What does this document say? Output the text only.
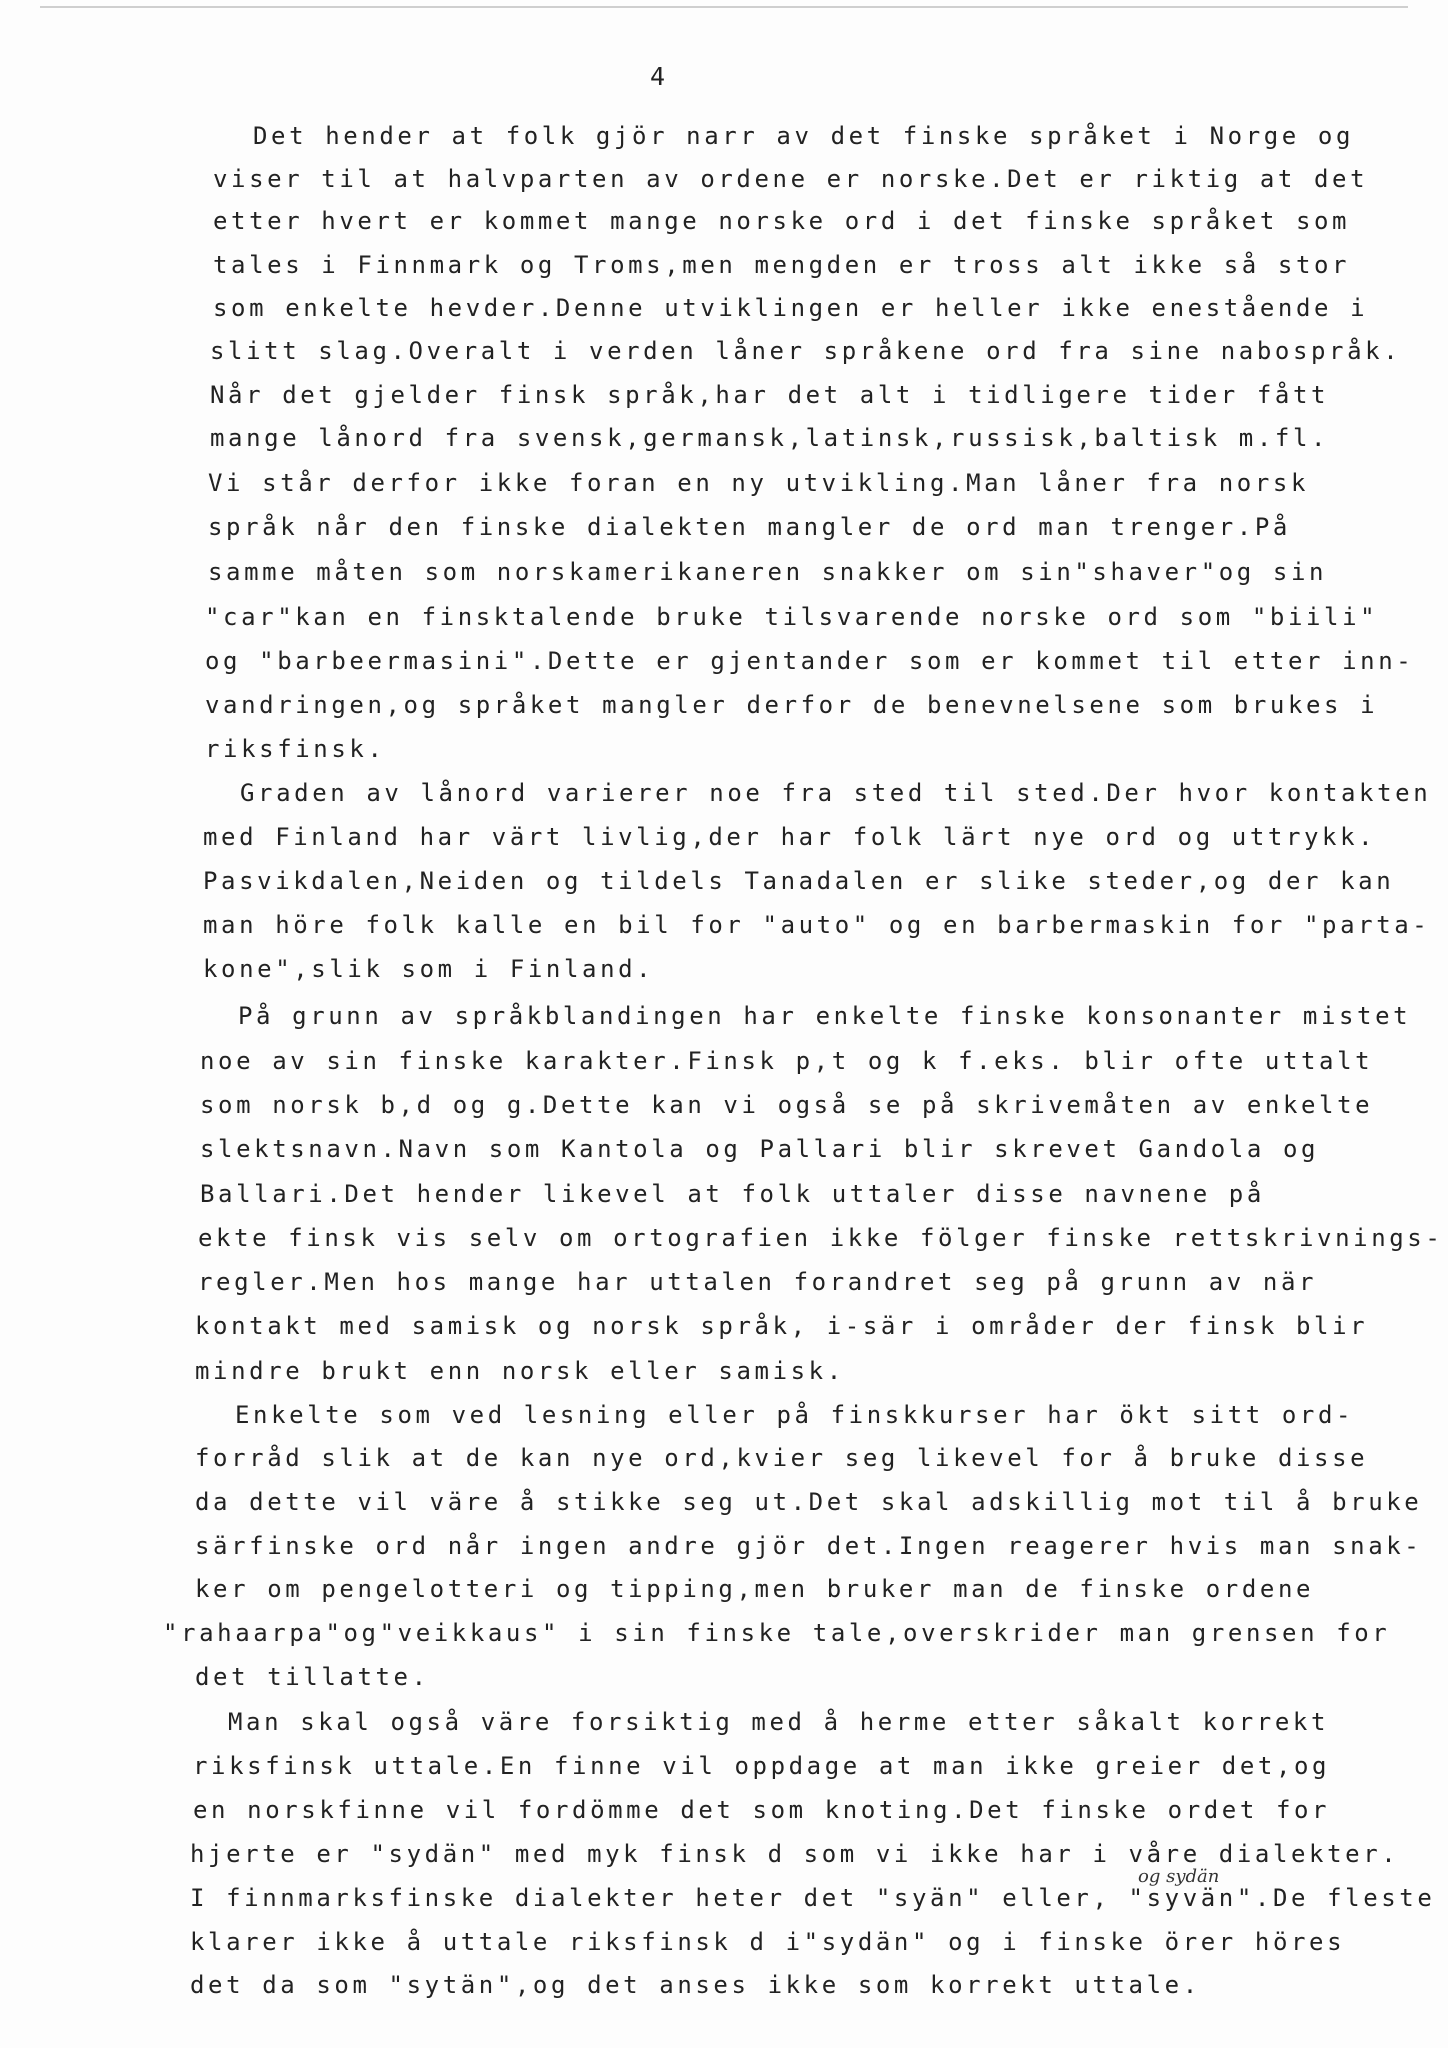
4
Det hender at folk gjör narr av det finske språket i Norge og
viser til at halvparten av ordene er norske.Det er riktig at det
etter hvert er kommet mange norske ord i det finske språket som
tales i Finnmark og Troms,men mengden er tross alt ikke så stor
som enkelte hevder.Denne utviklingen er heller ikke enestående i
slitt slag.Overalt i verden låner språkene ord fra sine nabospråk.
Når det gjelder finsk språk,har det alt i tidligere tider fått
mange lånord fra svensk,germansk,latinsk,russisk,baltisk m.fl.
Vi står derfor ikke foran en ny utvikling.Man låner fra norsk
språk når den finske dialekten mangler de ord man trenger.På
samme måten som norskamerikaneren snakker om sin"shaver"og sin
"car"kan en finsktalende bruke tilsvarende norske ord som "biili"
og "barbeermasini".Dette er gjentander som er kommet til etter inn-
vandringen,og språket mangler derfor de benevnelsene som brukes i
riksfinsk.
Graden av lånord varierer noe fra sted til sted.Der hvor kontakten
med Finland har värt livlig,der har folk lärt nye ord og uttrykk.
Pasvikdalen,Neiden og tildels Tanadalen er slike steder,og der kan
man höre folk kalle en bil for "auto" og en barbermaskin for "parta-
kone",slik som i Finland.
På grunn av språkblandingen har enkelte finske konsonanter mistet
noe av sin finske karakter.Finsk p,t og k f.eks. blir ofte uttalt
som norsk b,d og g.Dette kan vi også se på skrivemåten av enkelte
slektsnavn.Navn som Kantola og Pallari blir skrevet Gandola og
Ballari.Det hender likevel at folk uttaler disse navnene på
ekte finsk vis selv om ortografien ikke fölger finske rettskrivnings-
regler.Men hos mange har uttalen forandret seg på grunn av när
kontakt med samisk og norsk språk, i-sär i områder der finsk blir
mindre brukt enn norsk eller samisk.
Enkelte som ved lesning eller på finskkurser har ökt sitt ord-
forråd slik at de kan nye ord,kvier seg likevel for å bruke disse
da dette vil väre å stikke seg ut.Det skal adskillig mot til å bruke
särfinske ord når ingen andre gjör det.Ingen reagerer hvis man snak-
ker om pengelotteri og tipping,men bruker man de finske ordene
"rahaarpa"og"veikkaus" i sin finske tale,overskrider man grensen for
det tillatte.
Man skal også väre forsiktig med å herme etter såkalt korrekt
riksfinsk uttale.En finne vil oppdage at man ikke greier det,og
en norskfinne vil fordömme det som knoting.Det finske ordet for
hjerte er "sydän" med myk finsk d som vi ikke har i våre dialekter.
I finnmarksfinske dialekter heter det "syän" eller, "syvän".De fleste
klarer ikke å uttale riksfinsk d i"sydän" og i finske örer höres
det da som "sytän",og det anses ikke som korrekt uttale.
og sydän
